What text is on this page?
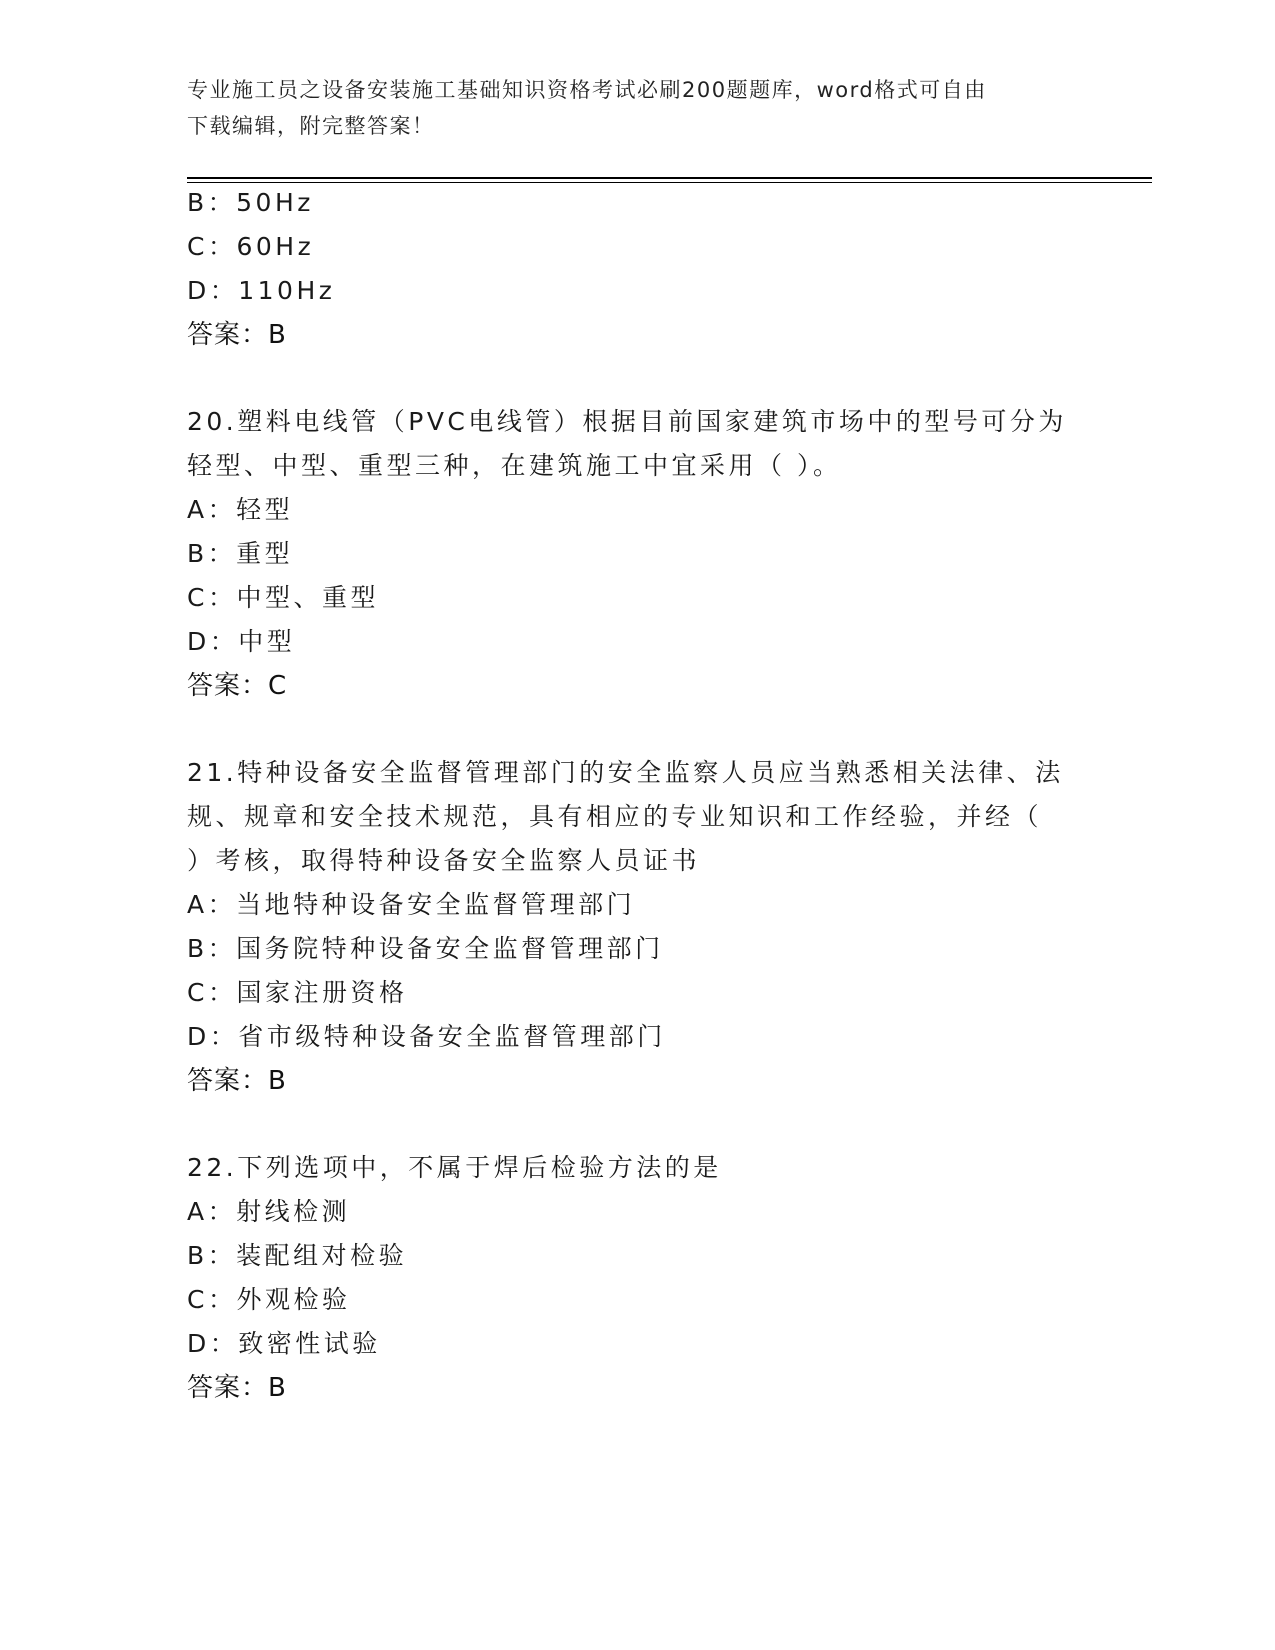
专业施工员之设备安装施工基础知识资格考试必刷200题题库，word格式可自由
下载编辑，附完整答案！
B：50Hz
C：60Hz
D：110Hz
答案：B
20.塑料电线管（PVC电线管）根据目前国家建筑市场中的型号可分为
轻型、中型、重型三种，在建筑施工中宜采用（ ）。
A：轻型
B：重型
C：中型、重型
D：中型
答案：C
21.特种设备安全监督管理部门的安全监察人员应当熟悉相关法律、法
规、规章和安全技术规范，具有相应的专业知识和工作经验，并经（
）考核，取得特种设备安全监察人员证书
A：当地特种设备安全监督管理部门
B：国务院特种设备安全监督管理部门
C：国家注册资格
D：省市级特种设备安全监督管理部门
答案：B
22.下列选项中，不属于焊后检验方法的是
A：射线检测
B：装配组对检验
C：外观检验
D：致密性试验
答案：B
